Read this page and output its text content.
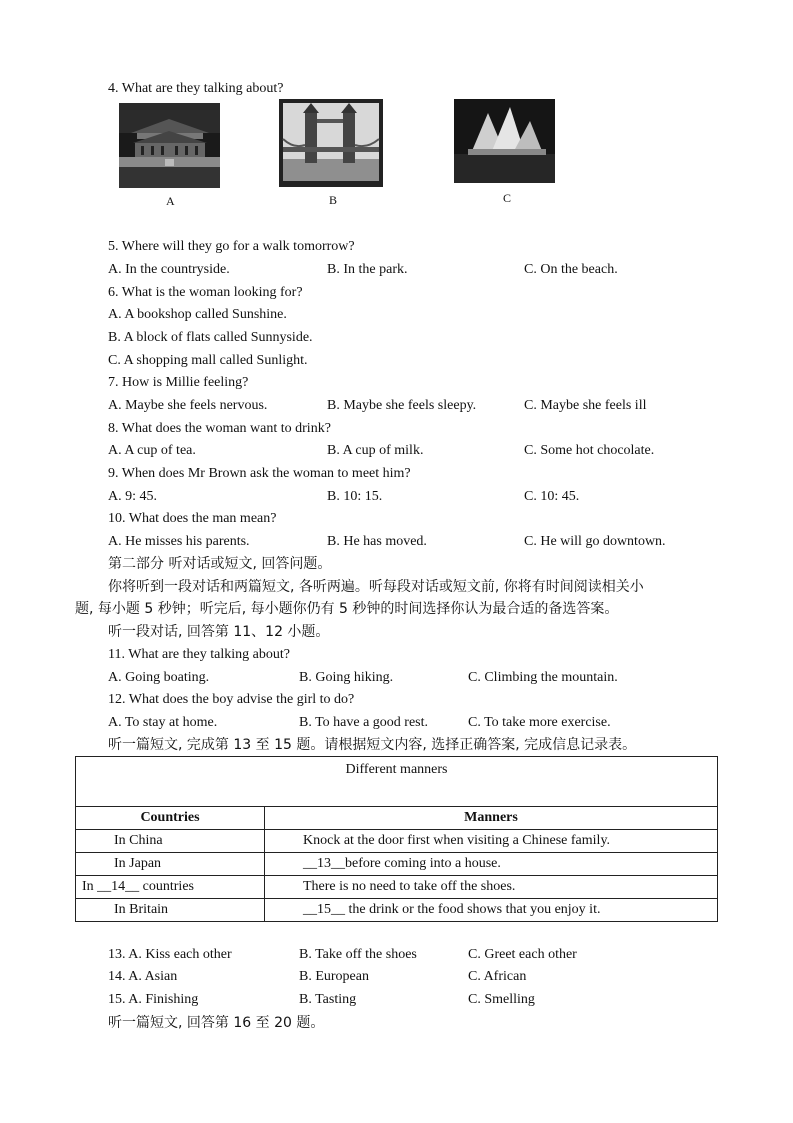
4. What are they talking about?
A	B	C
5. Where will they go for a walk tomorrow?
A. In the countryside.	B. In the park.	C. On the beach.
6. What is the woman looking for?
A. A bookshop called Sunshine.
B. A block of flats called Sunnyside.
C. A shopping mall called Sunlight.
7. How is Millie feeling?
A. Maybe she feels nervous.	B. Maybe she feels sleepy.	C. Maybe she feels ill
8. What does the woman want to drink?
A. A cup of tea.	B. A cup of milk.	C. Some hot chocolate.
9. When does Mr Brown ask the woman to meet him?
A. 9: 45.	B. 10: 15.	C. 10: 45.
10. What does the man mean?
A. He misses his parents.	B. He has moved.	C. He will go downtown.
第二部分 听对话或短文, 回答问题。
你将听到一段对话和两篇短文, 各听两遍。听每段对话或短文前, 你将有时间阅读相关小
题, 每小题 5 秒钟；听完后, 每小题你仍有 5 秒钟的时间选择你认为最合适的备选答案。
听一段对话, 回答第 11、12 小题。
11. What are they talking about?
A. Going boating.	B. Going hiking.	C. Climbing the mountain.
12. What does the boy advise the girl to do?
A. To stay at home.	B. To have a good rest.	C. To take more exercise.
听一篇短文, 完成第 13 至 15 题。请根据短文内容, 选择正确答案, 完成信息记录表。
Different manners	
Countries	Manners
In China	Knock at the door first when visiting a Chinese family.
In Japan	__13__before coming into a house.
In __14__ countries	There is no need to take off the shoes.
In Britain	__15__ the drink or the food shows that you enjoy it.
13. A. Kiss each other	B. Take off the shoes	C. Greet each other
14. A. Asian	B. European	C. African
15. A. Finishing	B. Tasting	C. Smelling
听一篇短文, 回答第 16 至 20 题。
